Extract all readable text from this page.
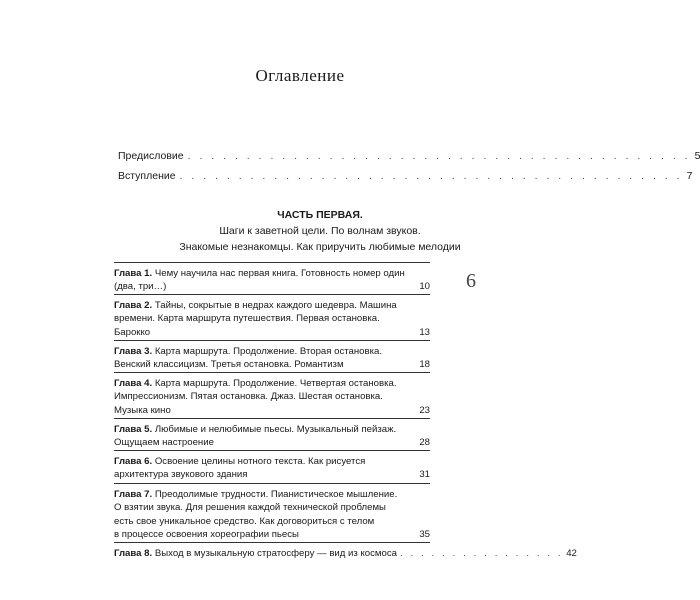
Оглавление
Предисловие . . . . . . . . . . . . . . . . . . . . . . . . . . . . . . . . . . . . . . . . . . . 5
Вступление . . . . . . . . . . . . . . . . . . . . . . . . . . . . . . . . . . . . . . . . . . . 7
ЧАСТЬ ПЕРВАЯ.
Шаги к заветной цели. По волнам звуков.
Знакомые незнакомцы. Как приручить любимые мелодии
6
Глава 1. Чему научила нас первая книга. Готовность номер один
(два, три…)	10
Глава 2. Тайны, сокрытые в недрах каждого шедевра. Машина
времени. Карта маршрута путешествия. Первая остановка.
Барокко	13
Глава 3. Карта маршрута. Продолжение. Вторая остановка.
Венский классицизм. Третья остановка. Романтизм	18
Глава 4. Карта маршрута. Продолжение. Четвертая остановка.
Импрессионизм. Пятая остановка. Джаз. Шестая остановка.
Музыка кино	23
Глава 5. Любимые и нелюбимые пьесы. Музыкальный пейзаж.
Ощущаем настроение	28
Глава 6. Освоение целины нотного текста. Как рисуется
архитектура звукового здания	31
Глава 7. Преодолимые трудности. Пианистическое мышление.
О взятии звука. Для решения каждой технической проблемы
есть свое уникальное средство. Как договориться с телом
в процессе освоения хореографии пьесы	35
Глава 8. Выход в музыкальную стратосферу — вид из космоса . . . . . . . . . . . . . . . . 42
